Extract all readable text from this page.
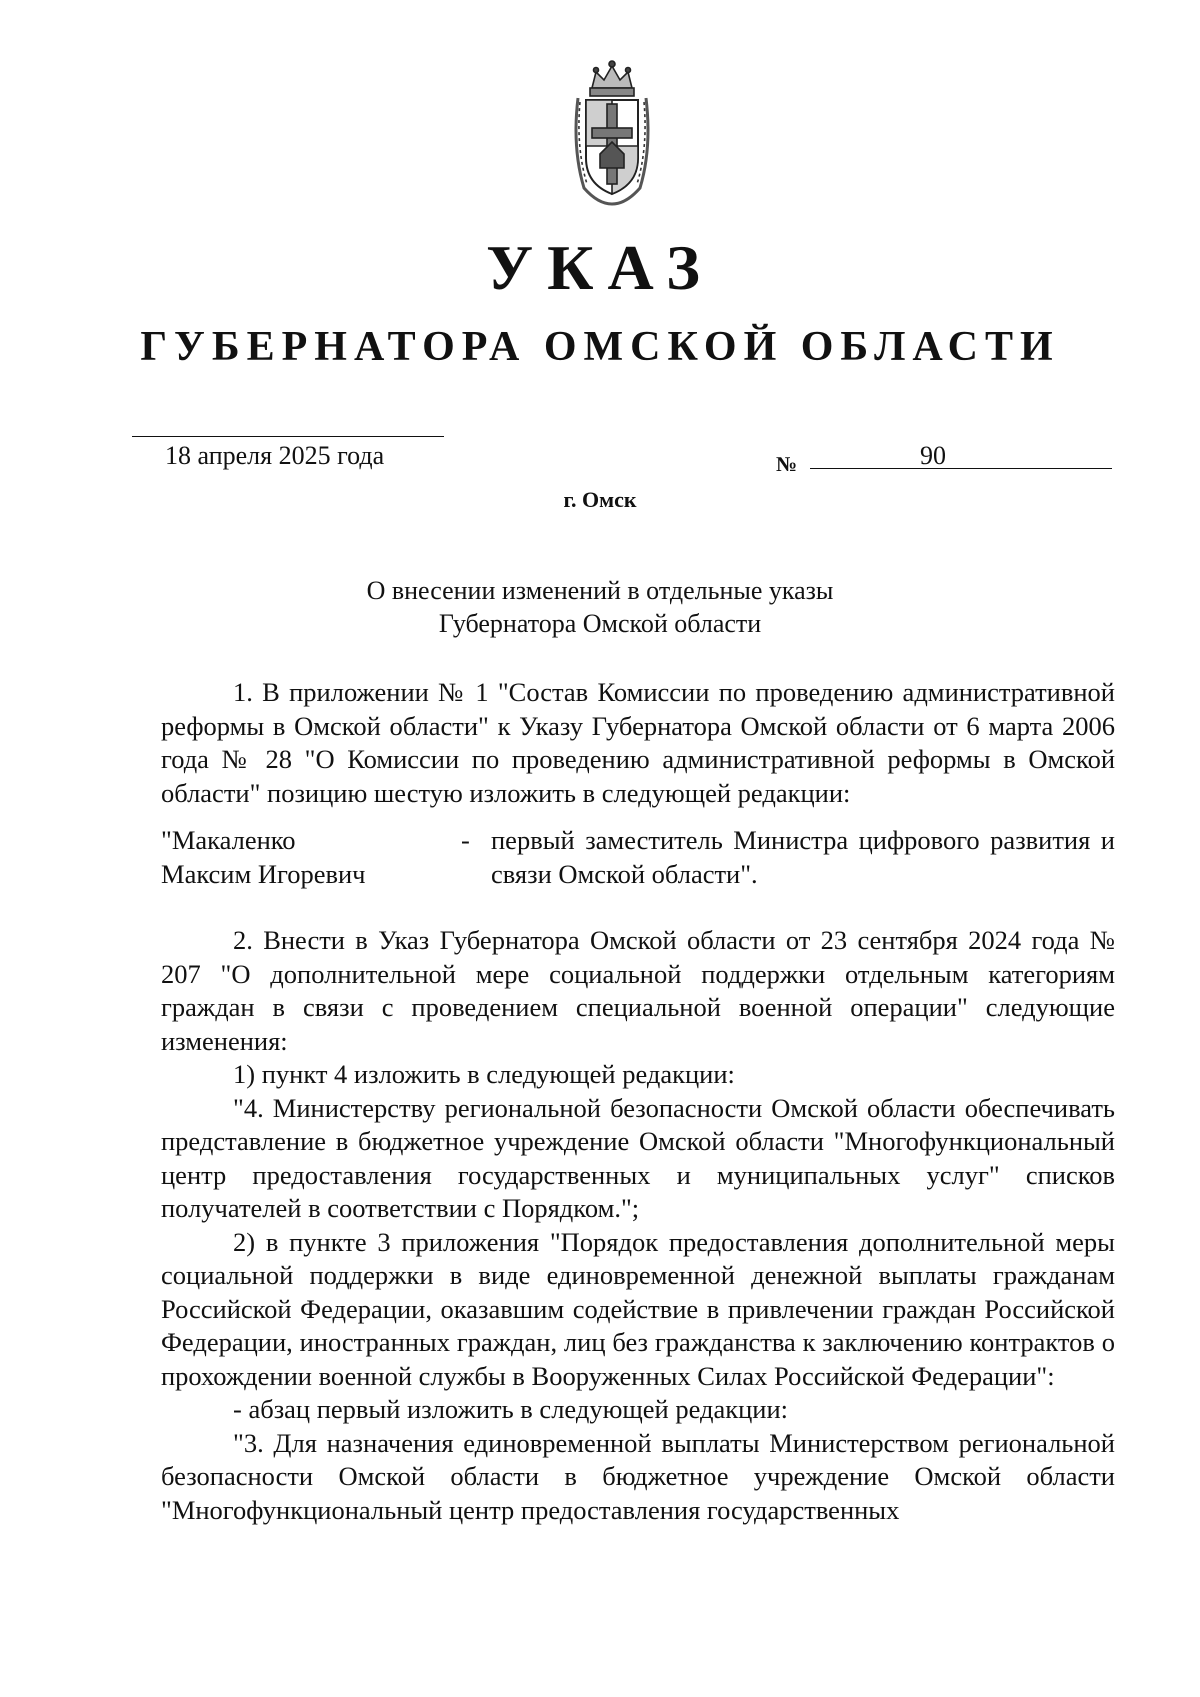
УКАЗ
ГУБЕРНАТОРА ОМСКОЙ ОБЛАСТИ
18 апреля 2025 года	№	90
г. Омск
О внесении изменений в отдельные указы
Губернатора Омской области

1. В приложении № 1 "Состав Комиссии по проведению административной реформы в Омской области" к Указу Губернатора Омской области от 6 марта 2006 года № 28 "О Комиссии по проведению административной реформы в Омской области" позицию шестую изложить в следующей редакции:

"Макаленко
Максим Игоревич
- первый заместитель Министра цифрового развития и связи Омской области".

2. Внести в Указ Губернатора Омской области от 23 сентября 2024 года № 207 "О дополнительной мере социальной поддержки отдельным категориям граждан в связи с проведением специальной военной операции" следующие изменения:

1) пункт 4 изложить в следующей редакции:

"4. Министерству региональной безопасности Омской области обеспечивать представление в бюджетное учреждение Омской области "Многофункциональный центр предоставления государственных и муниципальных услуг" списков получателей в соответствии с Порядком.";

2) в пункте 3 приложения "Порядок предоставления дополнительной меры социальной поддержки в виде единовременной денежной выплаты гражданам Российской Федерации, оказавшим содействие в привлечении граждан Российской Федерации, иностранных граждан, лиц без гражданства к заключению контрактов о прохождении военной службы в Вооруженных Силах Российской Федерации":

- абзац первый изложить в следующей редакции:

"3. Для назначения единовременной выплаты Министерством региональной безопасности Омской области в бюджетное учреждение Омской области "Многофункциональный центр предоставления государственных
